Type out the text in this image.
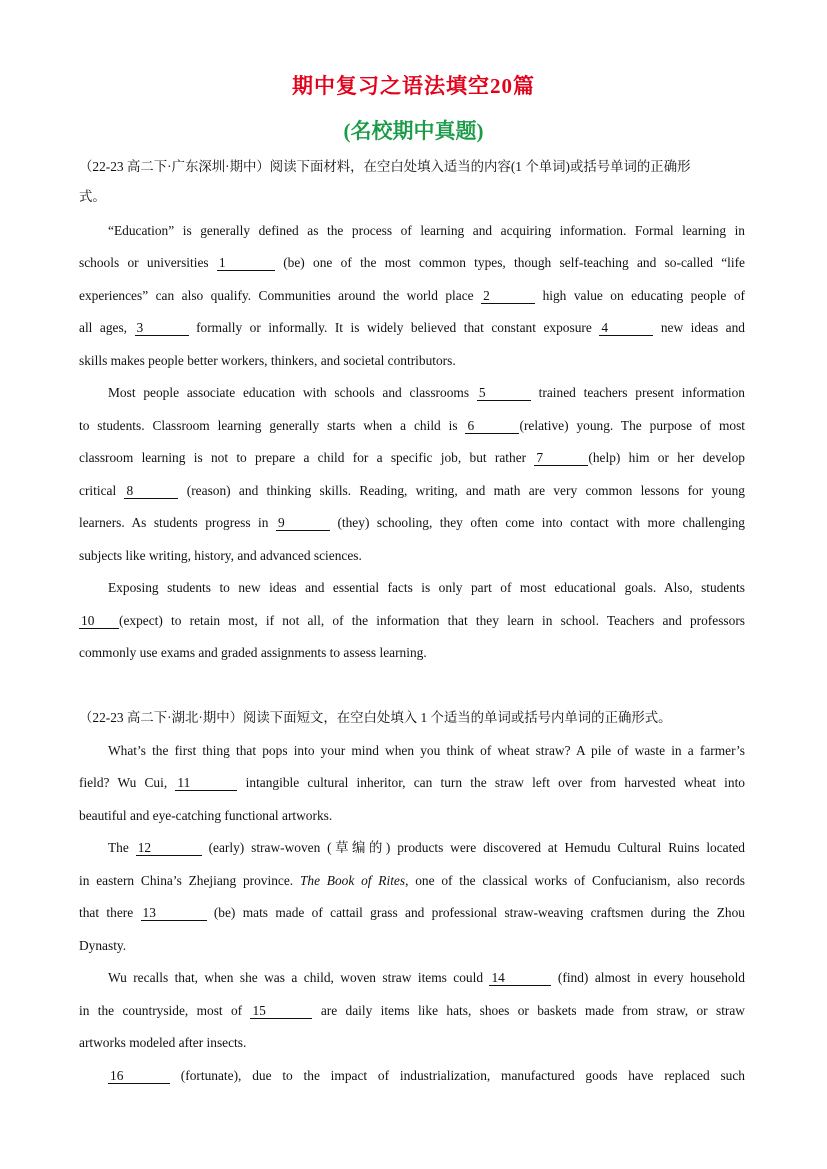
期中复习之语法填空20篇
(名校期中真题)
（22-23 高二下·广东深圳·期中）阅读下面材料，在空白处填入适当的内容(1 个单词)或括号单词的正确形
式。
“Education” is generally defined as the process of learning and acquiring information. Formal learning in
schools or universities 1	(be) one of the most common types, though self-teaching and so-called “life
experiences” can also qualify. Communities around the world place 2	high value on educating people of
all ages, 3	formally or informally. It is widely believed that constant exposure 4	new ideas and
skills makes people better workers, thinkers, and societal contributors.
Most people associate education with schools and classrooms 5	trained teachers present information
to students. Classroom learning generally starts when a child is 6	(relative) young. The purpose of most
classroom learning is not to prepare a child for a specific job, but rather 7	(help) him or her develop
critical 8	(reason) and thinking skills. Reading, writing, and math are very common lessons for young
learners. As students progress in 9	(they) schooling, they often come into contact with more challenging
subjects like writing, history, and advanced sciences.
Exposing students to new ideas and essential facts is only part of most educational goals. Also, students
10 (expect) to retain most, if not all, of the information that they learn in school. Teachers and professors
commonly use exams and graded assignments to assess learning.
（22-23 高二下·湖北·期中）阅读下面短文，在空白处填入 1 个适当的单词或括号内单词的正确形式。
What’s the first thing that pops into your mind when you think of wheat straw? A pile of waste in a farmer’s
field? Wu Cui, 11	intangible cultural inheritor, can turn the straw left over from harvested wheat into
beautiful and eye-catching functional artworks.
The 12	(early) straw-woven (草编的) products were discovered at Hemudu Cultural Ruins located
in eastern China’s Zhejiang province. The Book of Rites, one of the classical works of Confucianism, also records
that there 13	(be) mats made of cattail grass and professional straw-weaving craftsmen during the Zhou
Dynasty.
Wu recalls that, when she was a child, woven straw items could 14	(find) almost in every household
in the countryside, most of 15	are daily items like hats, shoes or baskets made from straw, or straw
artworks modeled after insects.
16	(fortunate), due to the impact of industrialization, manufactured goods have replaced such
